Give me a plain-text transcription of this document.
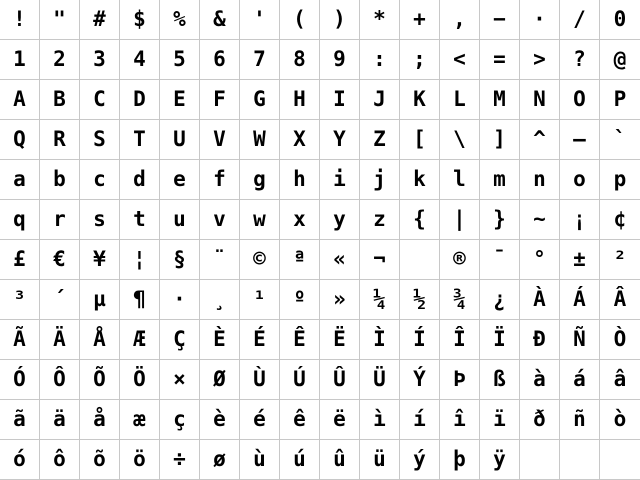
! " # $ % & ' ( ) * + , − · / 0
1 2 3 4 5 6 7 8 9 : ; < = > ? @
A B C D E F G H I J K L M N O P
Q R S T U V W X Y Z [ \ ] ^ — `
a b c d e f g h i j k l m n o p
q r s t u v w x y z { | } ~ ¡ ¢
£ € ¥ ¦ § ¨ © ª « ¬	® ¯ ° ± ²
³ ´ µ ¶ · ¸ ¹ º » ¼ ½ ¾ ¿ À Á Â
Ã Ä Å Æ Ç È É Ê Ë Ì Í Î Ï Ð Ñ Ò
Ó Ô Õ Ö × Ø Ù Ú Û Ü Ý Þ ß à á â
ã ä å æ ç è é ê ë ì í î ï ð ñ ò
ó ô õ ö ÷ ø ù ú û ü ý þ ÿ
